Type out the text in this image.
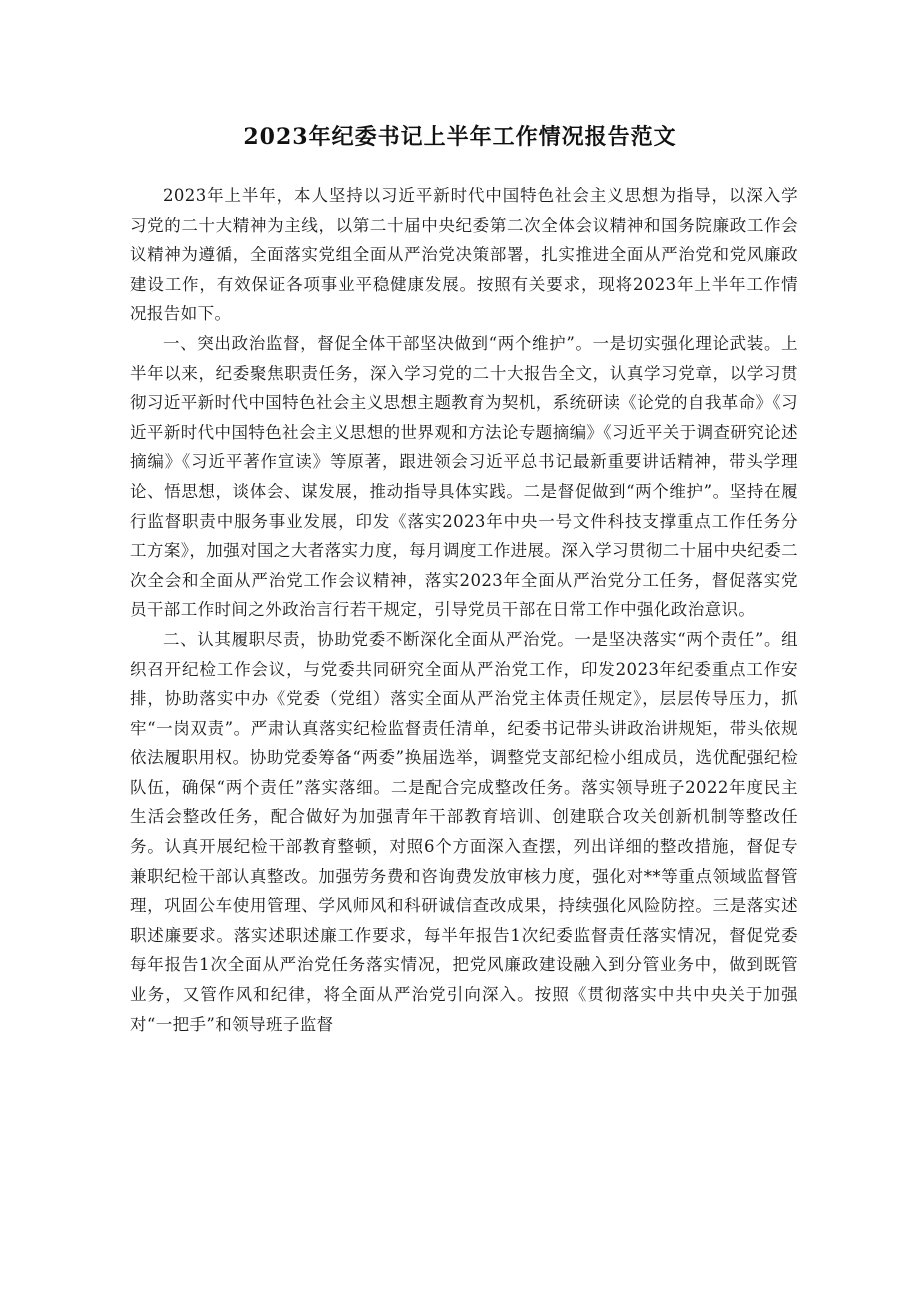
2023年纪委书记上半年工作情况报告范文

2023年上半年，本人坚持以习近平新时代中国特色社会主义思想为指导，以深入学习党的二十大精神为主线，以第二十届中央纪委第二次全体会议精神和国务院廉政工作会议精神为遵循，全面落实党组全面从严治党决策部署，扎实推进全面从严治党和党风廉政建设工作，有效保证各项事业平稳健康发展。按照有关要求，现将2023年上半年工作情况报告如下。

一、突出政治监督，督促全体干部坚决做到“两个维护”。一是切实强化理论武装。上半年以来，纪委聚焦职责任务，深入学习党的二十大报告全文，认真学习党章，以学习贯彻习近平新时代中国特色社会主义思想主题教育为契机，系统研读《论党的自我革命》《习近平新时代中国特色社会主义思想的世界观和方法论专题摘编》《习近平关于调查研究论述摘编》《习近平著作宣读》等原著，跟进领会习近平总书记最新重要讲话精神，带头学理论、悟思想，谈体会、谋发展，推动指导具体实践。二是督促做到“两个维护”。坚持在履行监督职责中服务事业发展，印发《落实2023年中央一号文件科技支撑重点工作任务分工方案》，加强对国之大者落实力度，每月调度工作进展。深入学习贯彻二十届中央纪委二次全会和全面从严治党工作会议精神，落实2023年全面从严治党分工任务，督促落实党员干部工作时间之外政治言行若干规定，引导党员干部在日常工作中强化政治意识。

二、认其履职尽责，协助党委不断深化全面从严治党。一是坚决落实“两个责任”。组织召开纪检工作会议，与党委共同研究全面从严治党工作，印发2023年纪委重点工作安排，协助落实中办《党委（党组）落实全面从严治党主体责任规定》，层层传导压力，抓牢“一岗双责”。严肃认真落实纪检监督责任清单，纪委书记带头讲政治讲规矩，带头依规依法履职用权。协助党委筹备“两委”换届选举，调整党支部纪检小组成员，选优配强纪检队伍，确保“两个责任”落实落细。二是配合完成整改任务。落实领导班子2022年度民主生活会整改任务，配合做好为加强青年干部教育培训、创建联合攻关创新机制等整改任务。认真开展纪检干部教育整顿，对照6个方面深入查摆，列出详细的整改措施，督促专兼职纪检干部认真整改。加强劳务费和咨询费发放审核力度，强化对**等重点领域监督管理，巩固公车使用管理、学风师风和科研诚信查改成果，持续强化风险防控。三是落实述职述廉要求。落实述职述廉工作要求，每半年报告1次纪委监督责任落实情况，督促党委每年报告1次全面从严治党任务落实情况，把党风廉政建设融入到分管业务中，做到既管业务，又管作风和纪律，将全面从严治党引向深入。按照《贯彻落实中共中央关于加强对“一把手”和领导班子监督
